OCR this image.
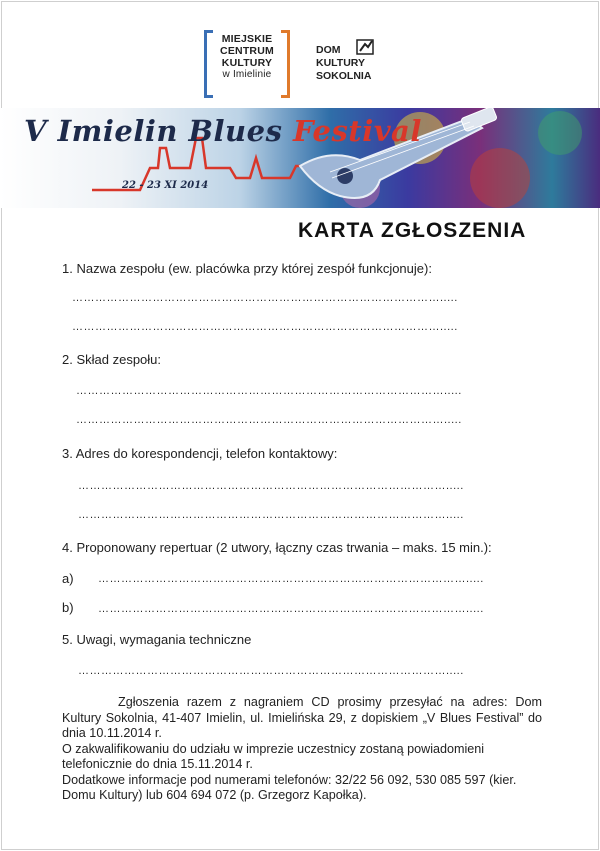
MIEJSKIE
CENTRUM
KULTURY
w Imielinie
DOM
KULTURY
SOKOLNIA
V Imielin Blues Festival
22 - 23 XI 2014
KARTA ZGŁOSZENIA
1. Nazwa zespołu (ew. placówka przy której zespół funkcjonuje):
…………………………………………………………………………………….....
…………………………………………………………………………………….....
2. Skład zespołu:
…………………………………………………………………………………….....
…………………………………………………………………………………….....
3. Adres do korespondencji, telefon kontaktowy:
…………………………………………………………………………………….....
…………………………………………………………………………………….....
4. Proponowany repertuar (2 utwory, łączny czas trwania – maks. 15 min.):
a) …………………………………………………………………………………….....
b) …………………………………………………………………………………….....
5. Uwagi, wymagania techniczne
…………………………………………………………………………………….....
Zgłoszenia razem z nagraniem CD prosimy przesyłać na adres: Dom Kultury Sokolnia, 41-407 Imielin, ul. Imielińska 29, z dopiskiem „V Blues Festival” do dnia 10.11.2014 r.
O zakwalifikowaniu do udziału w imprezie uczestnicy zostaną powiadomieni telefonicznie do dnia 15.11.2014 r.
Dodatkowe informacje pod numerami telefonów: 32/22 56 092, 530 085 597 (kier. Domu Kultury) lub 604 694 072 (p. Grzegorz Kapołka).
